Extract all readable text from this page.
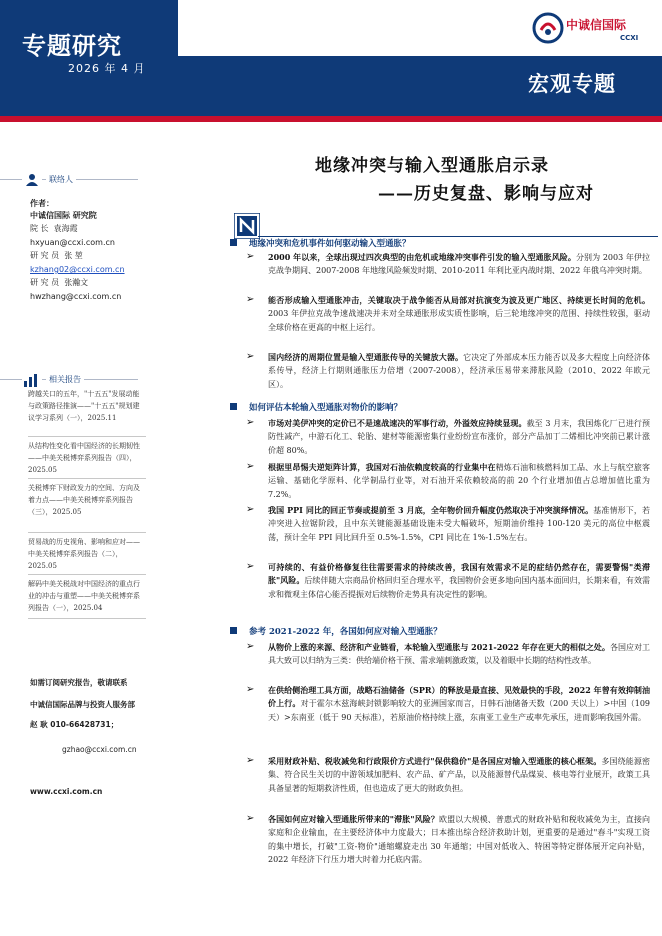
专题研究
2026 年 4 月
宏观专题
中诚信国际
CCXI
联络人
作者：
中诚信国际 研究院
院 长 袁海霞
hxyuan@ccxi.com.cn
研 究 员 张 堃
kzhang02@ccxi.com.cn
研 究 员 张瀚文
hwzhang@ccxi.com.cn
相关报告
跨越关口的五年，"十五五"发展动能与政策路径推演——"十五五"规划建议学习系列（一），2025.11
从结构性变化看中国经济的长期韧性——中美关税博弈系列报告（四），2025.05
关税博弈下财政发力的空间、方向及着力点——中美关税博弈系列报告（三），2025.05
贸易战的历史视角、影响和应对——中美关税博弈系列报告（二），2025.05
解码中美关税战对中国经济的重点行业的冲击与重塑——中美关税博弈系列报告（一），2025.04
如需订阅研究报告，敬请联系
中诚信国际品牌与投资人服务部
赵 耿 010-66428731；
gzhao@ccxi.com.cn
www.ccxi.com.cn
地缘冲突与输入型通胀启示录
——历史复盘、影响与应对
地缘冲突和危机事件如何驱动输入型通胀？
➢	2000 年以来，全球出现过四次典型的由危机或地缘冲突事件引发的输入型通胀风险。分别为 2003 年伊拉克战争期间、2007-2008 年地缘风险频发时期、2010-2011 年利比亚内战时期、2022 年俄乌冲突时期。
➢	能否形成输入型通胀冲击，关键取决于战争能否从局部对抗演变为波及更广地区、持续更长时间的危机。2003 年伊拉克战争速战速决并未对全球通胀形成实质性影响，后三轮地缘冲突的范围、持续性较强，驱动全球价格在更高的中枢上运行。
➢	国内经济的周期位置是输入型通胀传导的关键放大器。它决定了外部成本压力能否以及多大程度上向经济体系传导，经济上行期则通胀压力倍增（2007-2008），经济承压易带来滞胀风险（2010、2022 年欧元区）。
如何评估本轮输入型通胀对物价的影响？
➢	市场对美伊冲突的定价已不是速战速决的军事行动，外溢效应持续显现。截至 3 月末，我国炼化厂已进行预防性减产，中游石化工、轮胎、建材等能源密集行业纷纷宣布涨价，部分产品加丁二烯相比冲突前已累计涨价超 80%。
➢	根据里昂惕夫逆矩阵计算，我国对石油依赖度较高的行业集中在精炼石油和核燃料加工品、水上与航空旅客运输、基础化学原料、化学制品行业等，对石油开采依赖较高的前 20 个行业增加值占总增加值比重为 7.2%。
➢	我国 PPI 同比的回正节奏或提前至 3 月底，全年物价回升幅度仍然取决于冲突演绎情况。基准情形下，若冲突进入拉锯阶段，且中东关键能源基础设施未受大幅破坏，短期油价维持 100-120 美元的高位中枢震荡，预计全年 PPI 同比回升至 0.5%-1.5%，CPI 同比在 1%-1.5%左右。
➢	可持续的、有益价格修复往往需要需求的持续改善，我国有效需求不足的症结仍然存在，需要警惕"类滞胀"风险。后续伴随大宗商品价格回归至合理水平，我国物价会更多地向国内基本面回归，长期来看，有效需求和微观主体信心能否提振对后续物价走势具有决定性的影响。
参考 2021-2022 年，各国如何应对输入型通胀？
➢	从物价上涨的来源、经济和产业链看，本轮输入型通胀与 2021-2022 年存在更大的相似之处。各国应对工具大致可以归纳为三类：供给端价格干预、需求端刺激政策，以及着眼中长期的结构性改革。
➢	在供给侧治理工具方面，战略石油储备（SPR）的释放是最直接、见效最快的手段，2022 年曾有效抑制油价上行。对于霍尔木兹海峡封锁影响较大的亚洲国家而言，日韩石油储备天数（200 天以上）>中国（109 天）>东南亚（低于 90 天标准），若原油价格持续上涨，东南亚工业生产或率先承压，进而影响我国外需。
➢	采用财政补贴、税收减免和行政限价方式进行"保供稳价"是各国应对输入型通胀的核心框架。多国绕能源密集、符合民生关切的中游领域加肥料、农产品、矿产品，以及能源替代品煤炭、核电等行业展开，政策工具具备显著的短期救济性质，但也造成了更大的财政负担。
➢	各国如何应对输入型通胀所带来的"滞胀"风险？欧盟以大规模、普惠式的财政补贴和税收减免为主，直接向家庭和企业输血，在主要经济体中力度最大；日本推出综合经济救助计划，更重要的是通过"春斗"实现工资的集中增长，打破"工资-物价"通缩螺旋走出 30 年通缩；中国对低收入、特困等特定群体展开定向补贴，2022 年经济下行压力增大时着力托底内需。
